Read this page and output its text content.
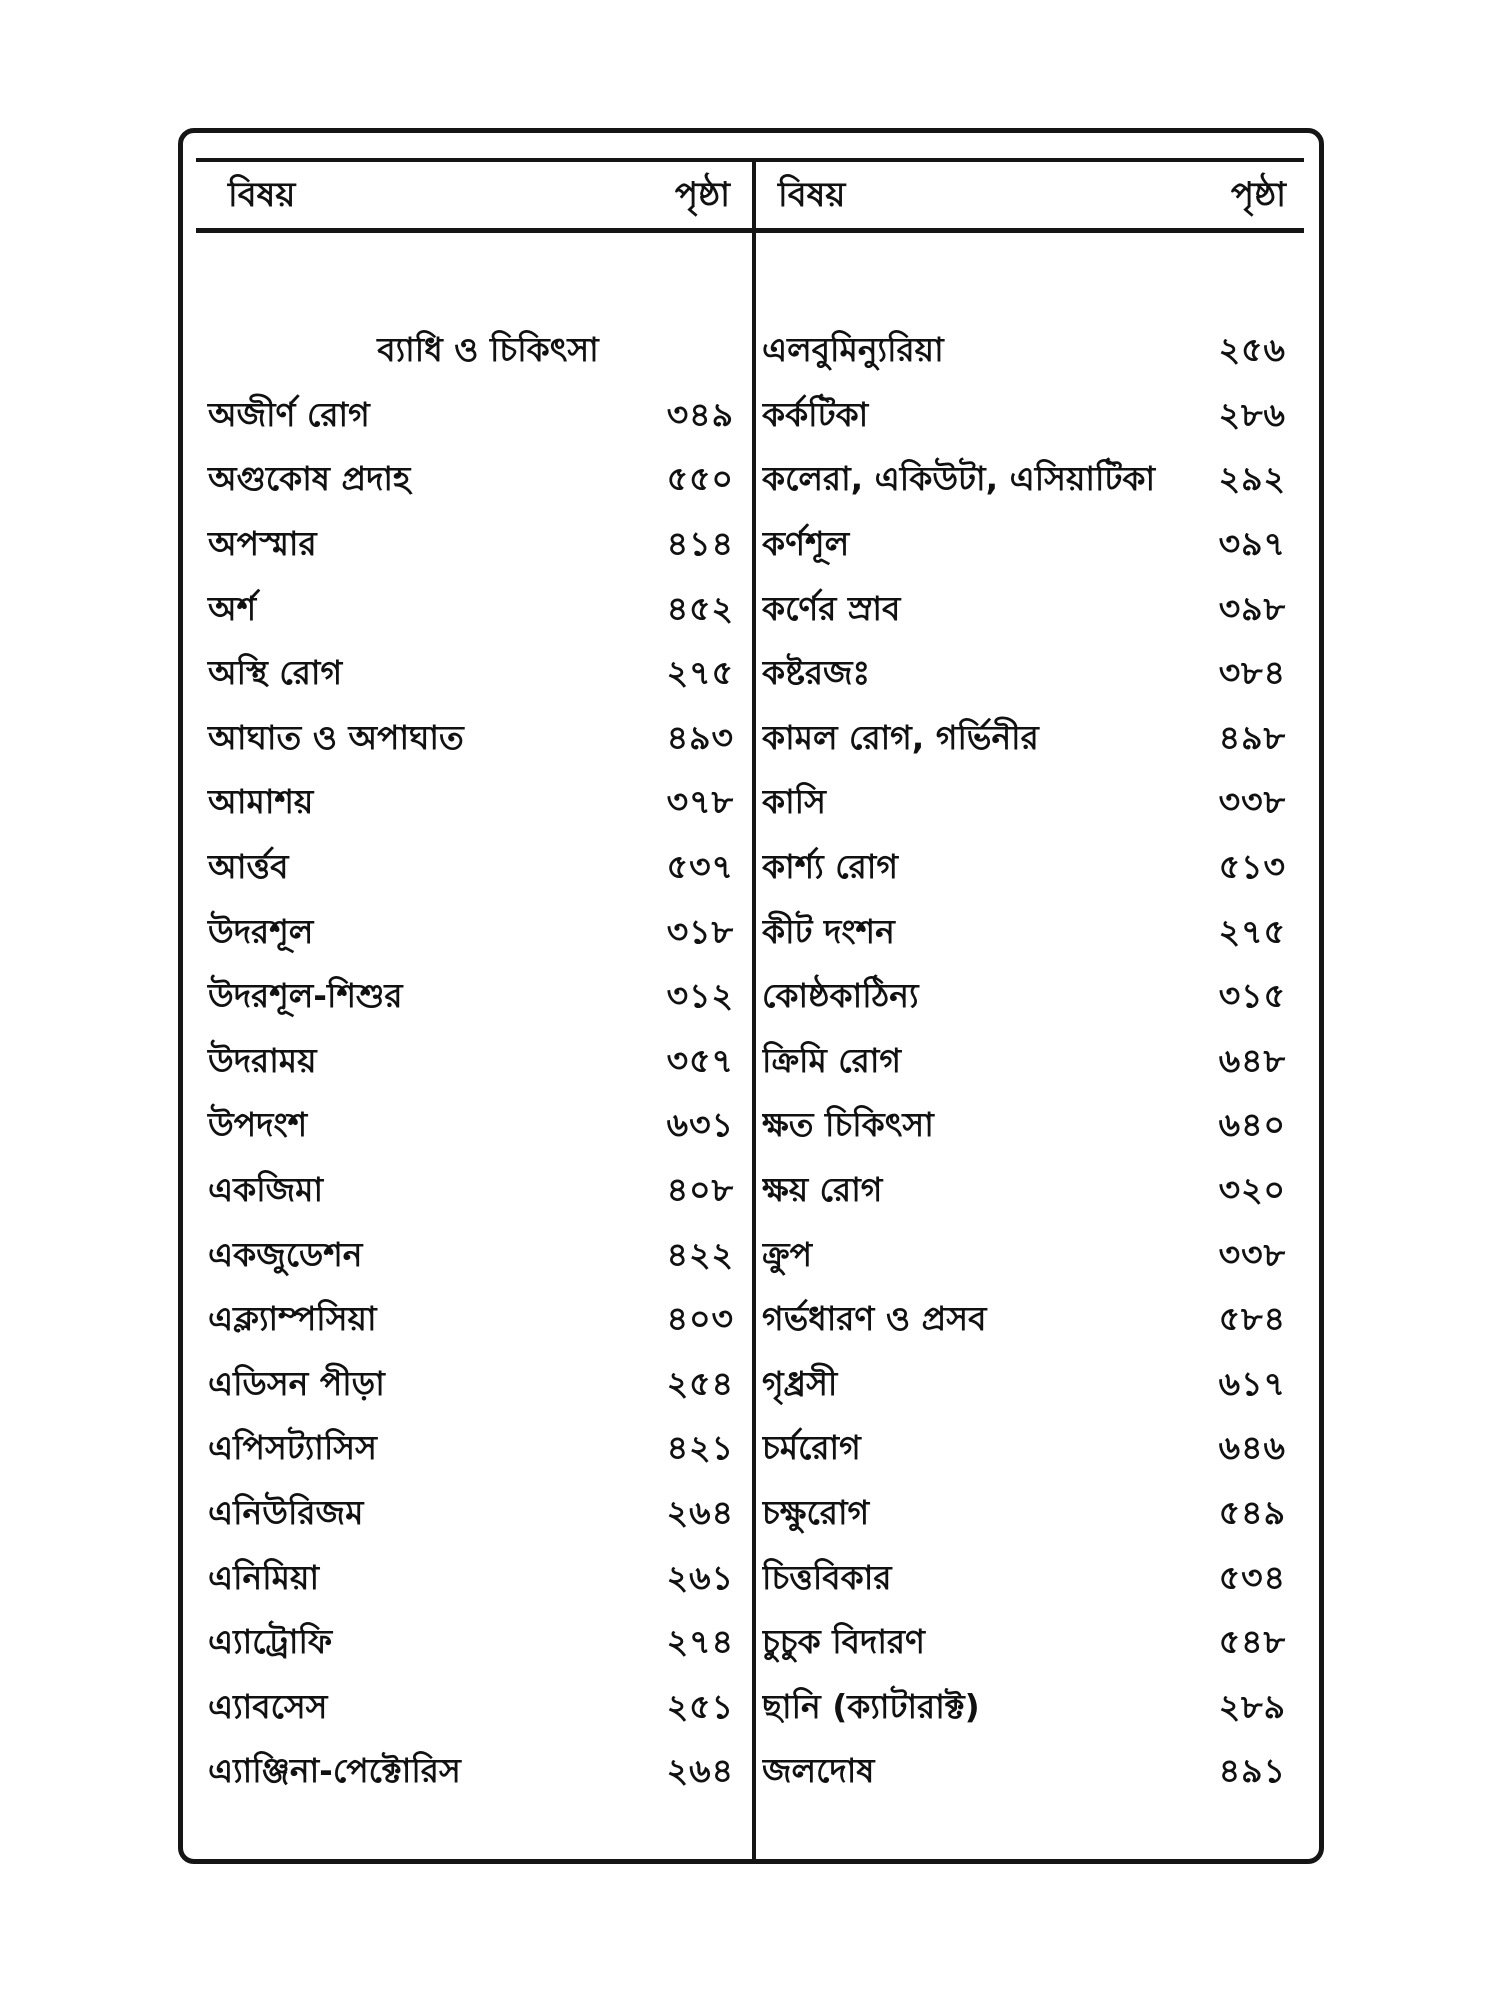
বিষয়	পৃষ্ঠা বিষয়	পৃষ্ঠা
ব্যাধি ও চিকিৎসা
অজীর্ণ রোগ	৩৪৯
অগুকোষ প্রদাহ	৫৫০
অপস্মার	৪১৪
অর্শ	৪৫২
অস্থি রোগ	২৭৫
আঘাত ও অপাঘাত	৪৯৩
আমাশয়	৩৭৮
আর্ত্তব	৫৩৭
উদরশূল	৩১৮
উদরশূল-শিশুর	৩১২
উদরাময়	৩৫৭
উপদংশ	৬৩১
একজিমা	৪০৮
একজুডেশন	৪২২
এক্ল্যাম্পসিয়া	৪০৩
এডিসন পীড়া	২৫৪
এপিসট্যাসিস	৪২১
এনিউরিজম	২৬৪
এনিমিয়া	২৬১
এ্যাট্রোফি	২৭৪
এ্যাবসেস	২৫১
এ্যাঞ্জিনা-পেক্টোরিস	২৬৪
এলবুমিন্যুরিয়া	২৫৬
কর্কটিকা	২৮৬
কলেরা, একিউটা, এসিয়াটিকা	২৯২
কর্ণশূল	৩৯৭
কর্ণের স্রাব	৩৯৮
কষ্টরজঃ	৩৮৪
কামল রোগ, গর্ভিনীর	৪৯৮
কাসি	৩৩৮
কার্শ্য রোগ	৫১৩
কীট দংশন	২৭৫
কোষ্ঠকাঠিন্য	৩১৫
ক্রিমি রোগ	৬৪৮
ক্ষত চিকিৎসা	৬৪০
ক্ষয় রোগ	৩২০
ক্রুপ	৩৩৮
গর্ভধারণ ও প্রসব	৫৮৪
গৃধ্রসী	৬১৭
চর্মরোগ	৬৪৬
চক্ষুরোগ	৫৪৯
চিত্তবিকার	৫৩৪
চুচুক বিদারণ	৫৪৮
ছানি (ক্যাটারাক্ট)	২৮৯
জলদোষ	৪৯১
